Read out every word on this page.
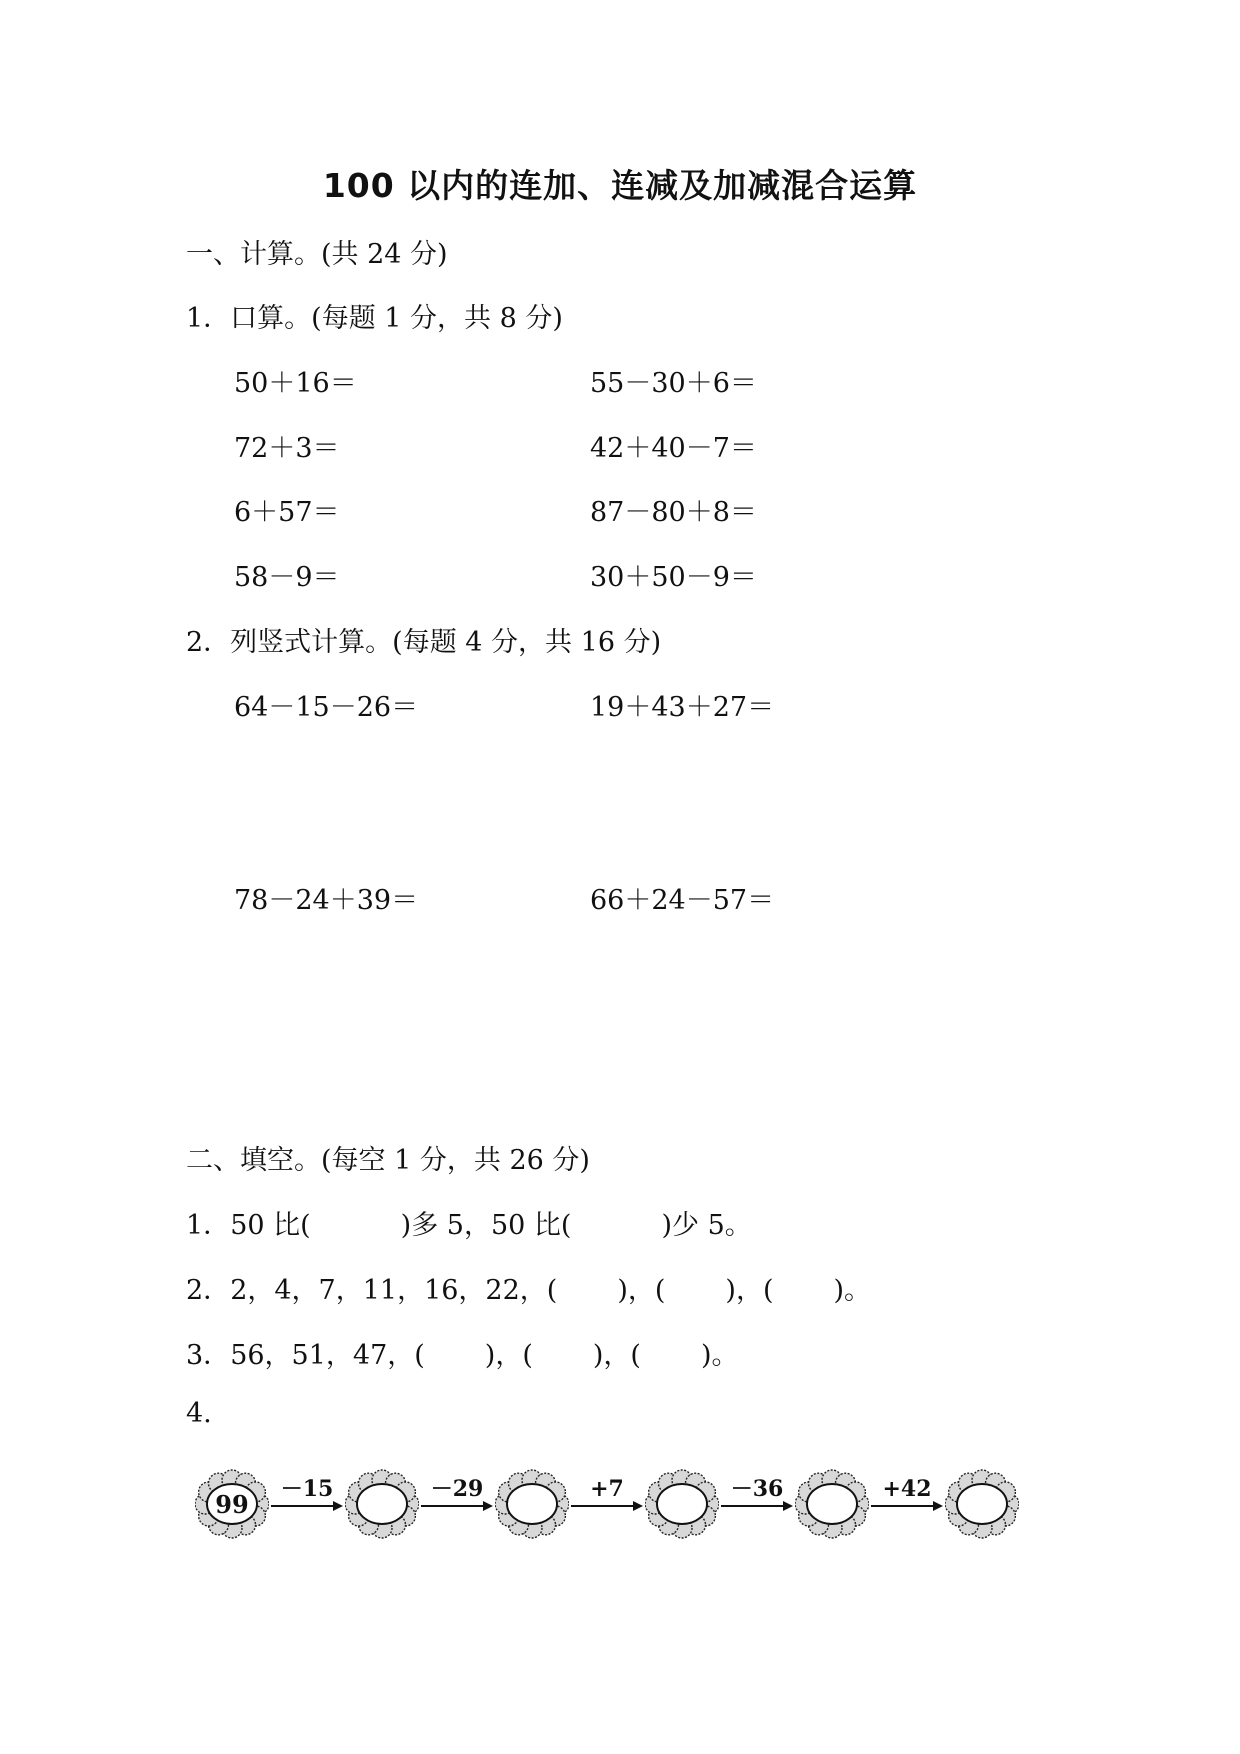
100 以内的连加、连减及加减混合运算
一、计算。(共 24 分)
1．口算。(每题 1 分，共 8 分)
50＋16＝	55－30＋6＝
72＋3＝	42＋40－7＝
6＋57＝	87－80＋8＝
58－9＝	30＋50－9＝
2．列竖式计算。(每题 4 分，共 16 分)
64－15－26＝	19＋43＋27＝
78－24＋39＝	66＋24－57＝
二、填空。(每空 1 分，共 26 分)
1．50 比(	)多 5，50 比(	)少 5。
2．2，4，7，11，16，22，( )，( )，( )。
3．56，51，47，( )，( )，( )。
4.
99
－15	－29	+7	－36	+42
